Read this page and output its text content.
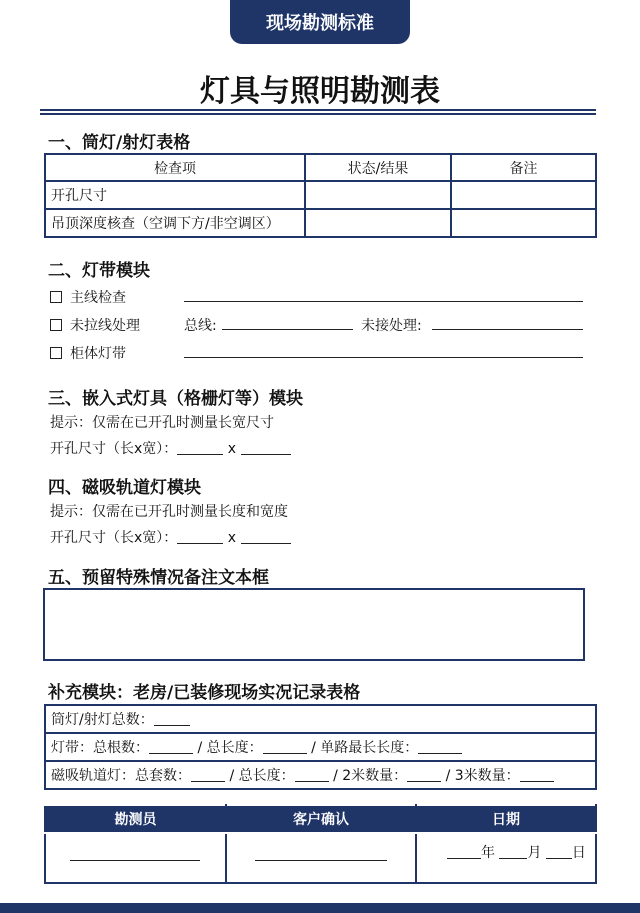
现场勘测标准
灯具与照明勘测表
一、筒灯/射灯表格
检查项	状态/结果	备注
开孔尺寸		
吊顶深度核查（空调下方/非空调区）		
二、灯带模块
主线检查
未拉线处理	总线:	未接处理:
柜体灯带
三、嵌入式灯具（格栅灯等）模块
提示：仅需在已开孔时测量长宽尺寸
开孔尺寸（长x宽）：	x
四、磁吸轨道灯模块
提示：仅需在已开孔时测量长度和宽度
开孔尺寸（长x宽）：	x
五、预留特殊情况备注文本框
补充模块：老房/已装修现场实况记录表格
筒灯/射灯总数：
灯带：总根数：	/ 总长度：	/ 单路最长长度：
磁吸轨道灯：总套数：	/ 总长度：	/ 2米数量：	/ 3米数量：
勘测员	客户确认	日期

		年 月 日
